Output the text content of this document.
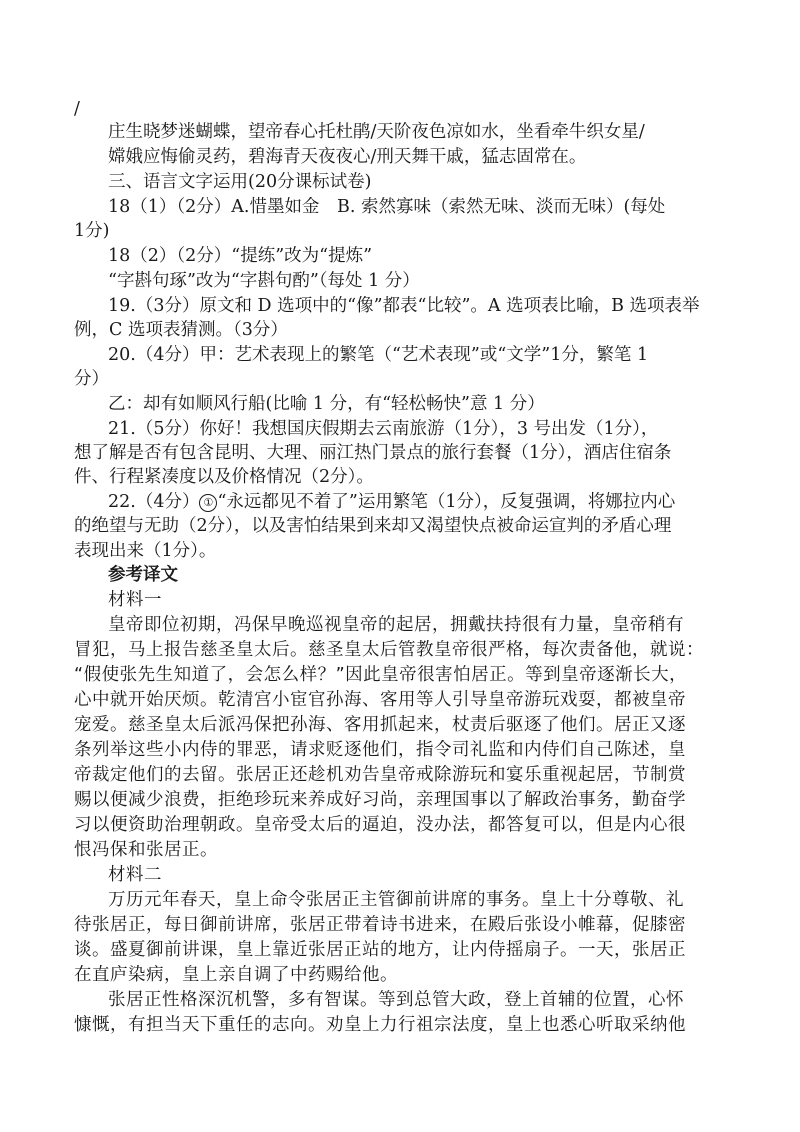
/
庄生晓梦迷蝴蝶，望帝春心托杜鹃/天阶夜色凉如水，坐看牵牛织女星/
嫦娥应悔偷灵药，碧海青天夜夜心/刑天舞干戚，猛志固常在。
三、语言文字运用(20分课标试卷)
18（1）（2分）A.惜墨如金　B. 索然寡味（索然无味、淡而无味）(每处
1分)
18（2）（2分）“提练”改为“提炼”
“字斟句琢”改为“字斟句酌”（每处 1 分）
19.（3分）原文和 D 选项中的“像”都表“比较”。A 选项表比喻，B 选项表举
例，C 选项表猜测。（3分）
20.（4分）甲：艺术表现上的繁笔（“艺术表现”或“文学”1分，繁笔 1
分）
乙：却有如顺风行船(比喻 1 分，有“轻松畅快”意 1 分）
21.（5分）你好！我想国庆假期去云南旅游（1分），3 号出发（1分），
想了解是否有包含昆明、大理、丽江热门景点的旅行套餐（1分），酒店住宿条
件、行程紧凑度以及价格情况（2分）。
22.（4分） ① “永远都见不着了”运用繁笔（1分），反复强调，将娜拉内心
的绝望与无助（2分），以及害怕结果到来却又渴望快点被命运宣判的矛盾心理
表现出来（1分）。
参考译文
材料一
皇帝即位初期，冯保早晚巡视皇帝的起居，拥戴扶持很有力量，皇帝稍有
冒犯，马上报告慈圣皇太后。慈圣皇太后管教皇帝很严格，每次责备他，就说：
“假使张先生知道了，会怎么样？”因此皇帝很害怕居正。等到皇帝逐渐长大，
心中就开始厌烦。乾清宫小宦官孙海、客用等人引导皇帝游玩戏耍，都被皇帝
宠爱。慈圣皇太后派冯保把孙海、客用抓起来，杖责后驱逐了他们。居正又逐
条列举这些小内侍的罪恶，请求贬逐他们，指令司礼监和内侍们自己陈述，皇
帝裁定他们的去留。张居正还趁机劝告皇帝戒除游玩和宴乐重视起居，节制赏
赐以便减少浪费，拒绝珍玩来养成好习尚，亲理国事以了解政治事务，勤奋学
习以便资助治理朝政。皇帝受太后的逼迫，没办法，都答复可以，但是内心很
恨冯保和张居正。
材料二
万历元年春天，皇上命令张居正主管御前讲席的事务。皇上十分尊敬、礼
待张居正，每日御前讲席，张居正带着诗书进来，在殿后张设小帷幕，促膝密
谈。盛夏御前讲课，皇上靠近张居正站的地方，让内侍摇扇子。一天，张居正
在直庐染病，皇上亲自调了中药赐给他。
张居正性格深沉机警，多有智谋。等到总管大政，登上首辅的位置，心怀
慷慨，有担当天下重任的志向。劝皇上力行祖宗法度，皇上也悉心听取采纳他
